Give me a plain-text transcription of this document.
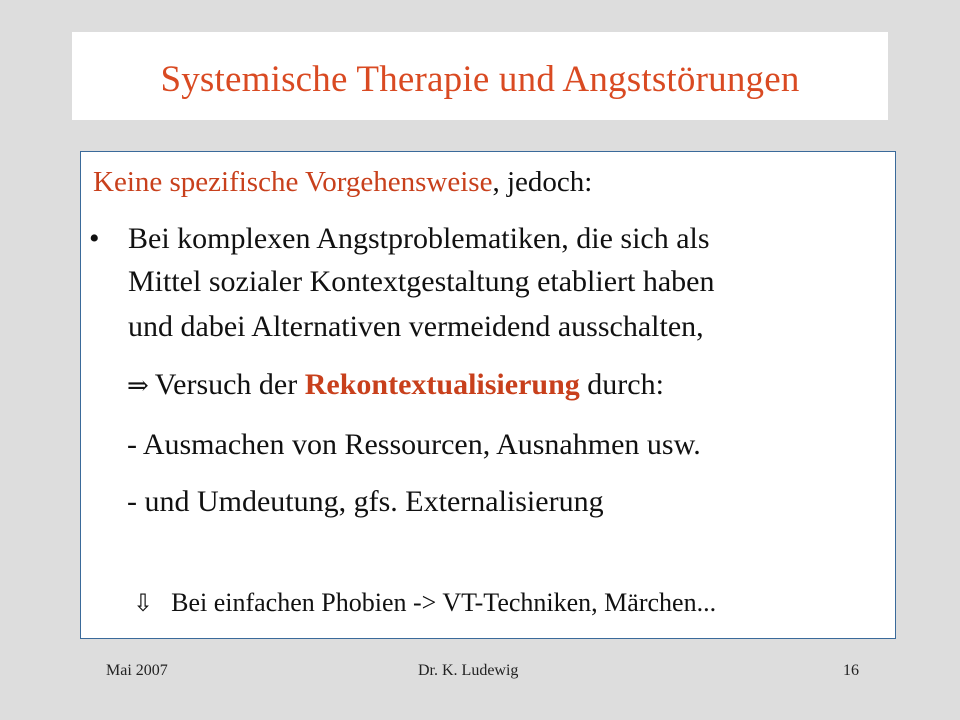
Systemische Therapie und Angststörungen
Keine spezifische Vorgehensweise, jedoch:
• Bei komplexen Angstproblematiken, die sich als
Mittel sozialer Kontextgestaltung etabliert haben
und dabei Alternativen vermeidend ausschalten,
⇒ Versuch der Rekontextualisierung durch:
- Ausmachen von Ressourcen, Ausnahmen usw.
- und Umdeutung, gfs. Externalisierung
⇩ Bei einfachen Phobien -> VT-Techniken, Märchen...
Mai 2007	Dr. K. Ludewig	16
